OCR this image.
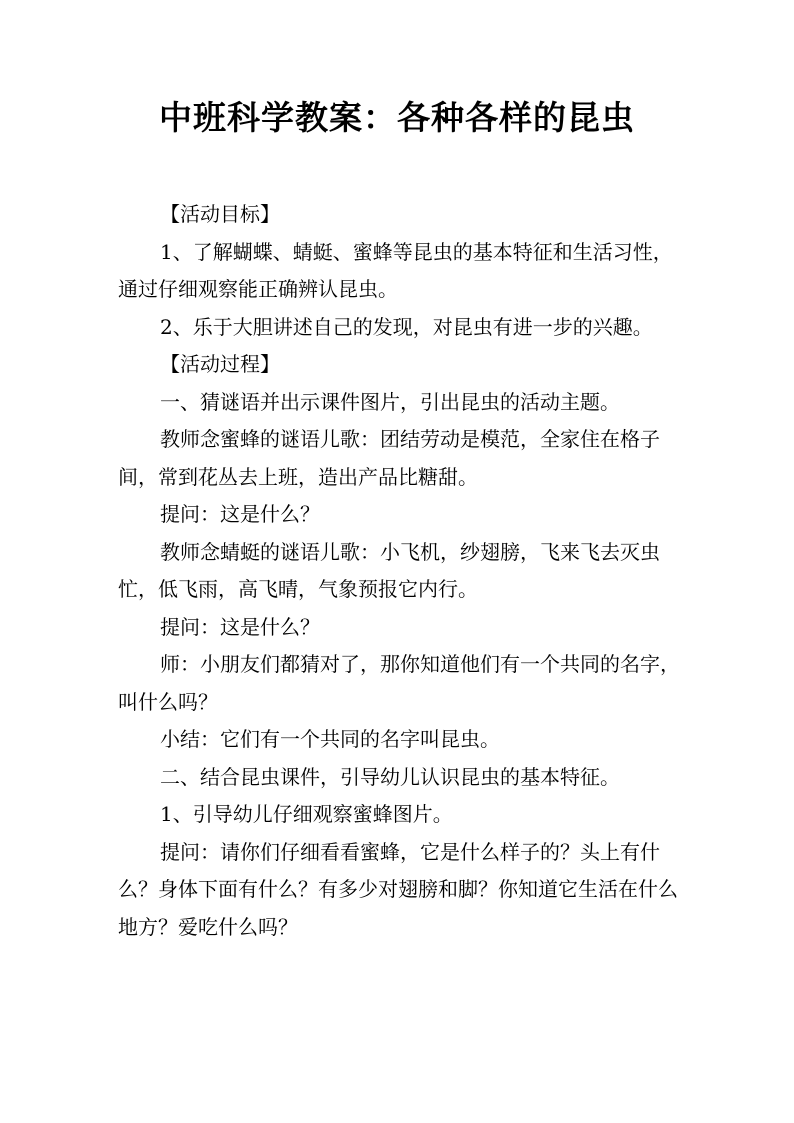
中班科学教案：各种各样的昆虫

【活动目标】

1、了解蝴蝶、蜻蜓、蜜蜂等昆虫的基本特征和生活习性，通过仔细观察能正确辨认昆虫。

2、乐于大胆讲述自己的发现，对昆虫有进一步的兴趣。

【活动过程】

一、猜谜语并出示课件图片，引出昆虫的活动主题。

教师念蜜蜂的谜语儿歌：团结劳动是模范，全家住在格子间，常到花丛去上班，造出产品比糖甜。

提问：这是什么？

教师念蜻蜓的谜语儿歌：小飞机，纱翅膀，飞来飞去灭虫忙，低飞雨，高飞晴，气象预报它内行。

提问：这是什么？

师：小朋友们都猜对了，那你知道他们有一个共同的名字，叫什么吗？

小结：它们有一个共同的名字叫昆虫。

二、结合昆虫课件，引导幼儿认识昆虫的基本特征。

1、引导幼儿仔细观察蜜蜂图片。

提问：请你们仔细看看蜜蜂，它是什么样子的？头上有什么？身体下面有什么？有多少对翅膀和脚？你知道它生活在什么地方？爱吃什么吗？
